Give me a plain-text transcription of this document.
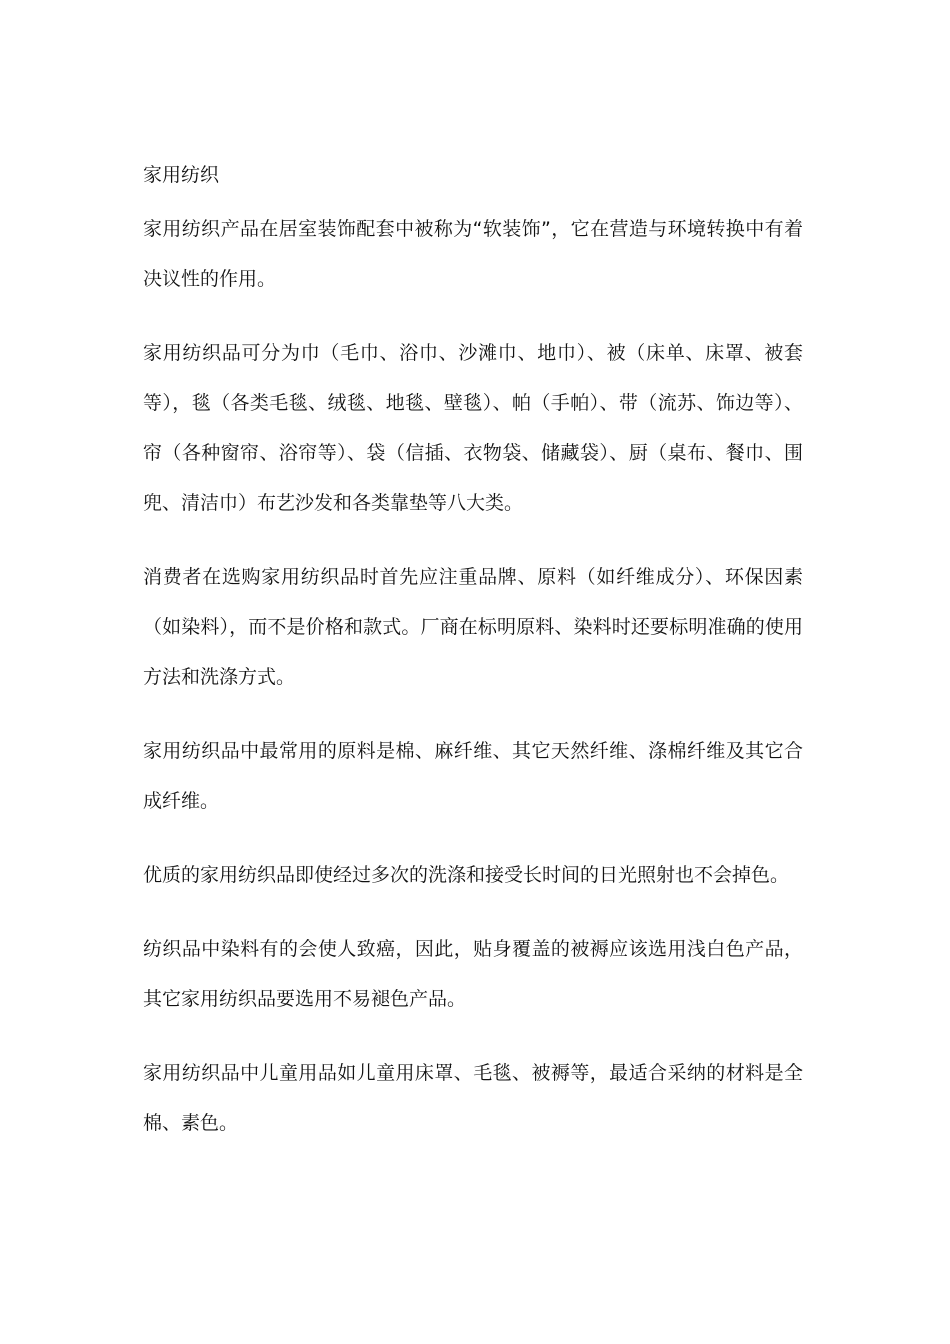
家用纺织

家用纺织产品在居室装饰配套中被称为“软装饰”，它在营造与环境转换中有着决议性的作用。

家用纺织品可分为巾（毛巾、浴巾、沙滩巾、地巾）、被（床单、床罩、被套等），毯（各类毛毯、绒毯、地毯、壁毯）、帕（手帕）、带（流苏、饰边等）、帘（各种窗帘、浴帘等）、袋（信插、衣物袋、储藏袋）、厨（桌布、餐巾、围兜、清洁巾）布艺沙发和各类靠垫等八大类。

消费者在选购家用纺织品时首先应注重品牌、原料（如纤维成分）、环保因素（如染料），而不是价格和款式。厂商在标明原料、染料时还要标明准确的使用方法和洗涤方式。

家用纺织品中最常用的原料是棉、麻纤维、其它天然纤维、涤棉纤维及其它合成纤维。

优质的家用纺织品即使经过多次的洗涤和接受长时间的日光照射也不会掉色。

纺织品中染料有的会使人致癌，因此，贴身覆盖的被褥应该选用浅白色产品，其它家用纺织品要选用不易褪色产品。

家用纺织品中儿童用品如儿童用床罩、毛毯、被褥等，最适合采纳的材料是全棉、素色。
